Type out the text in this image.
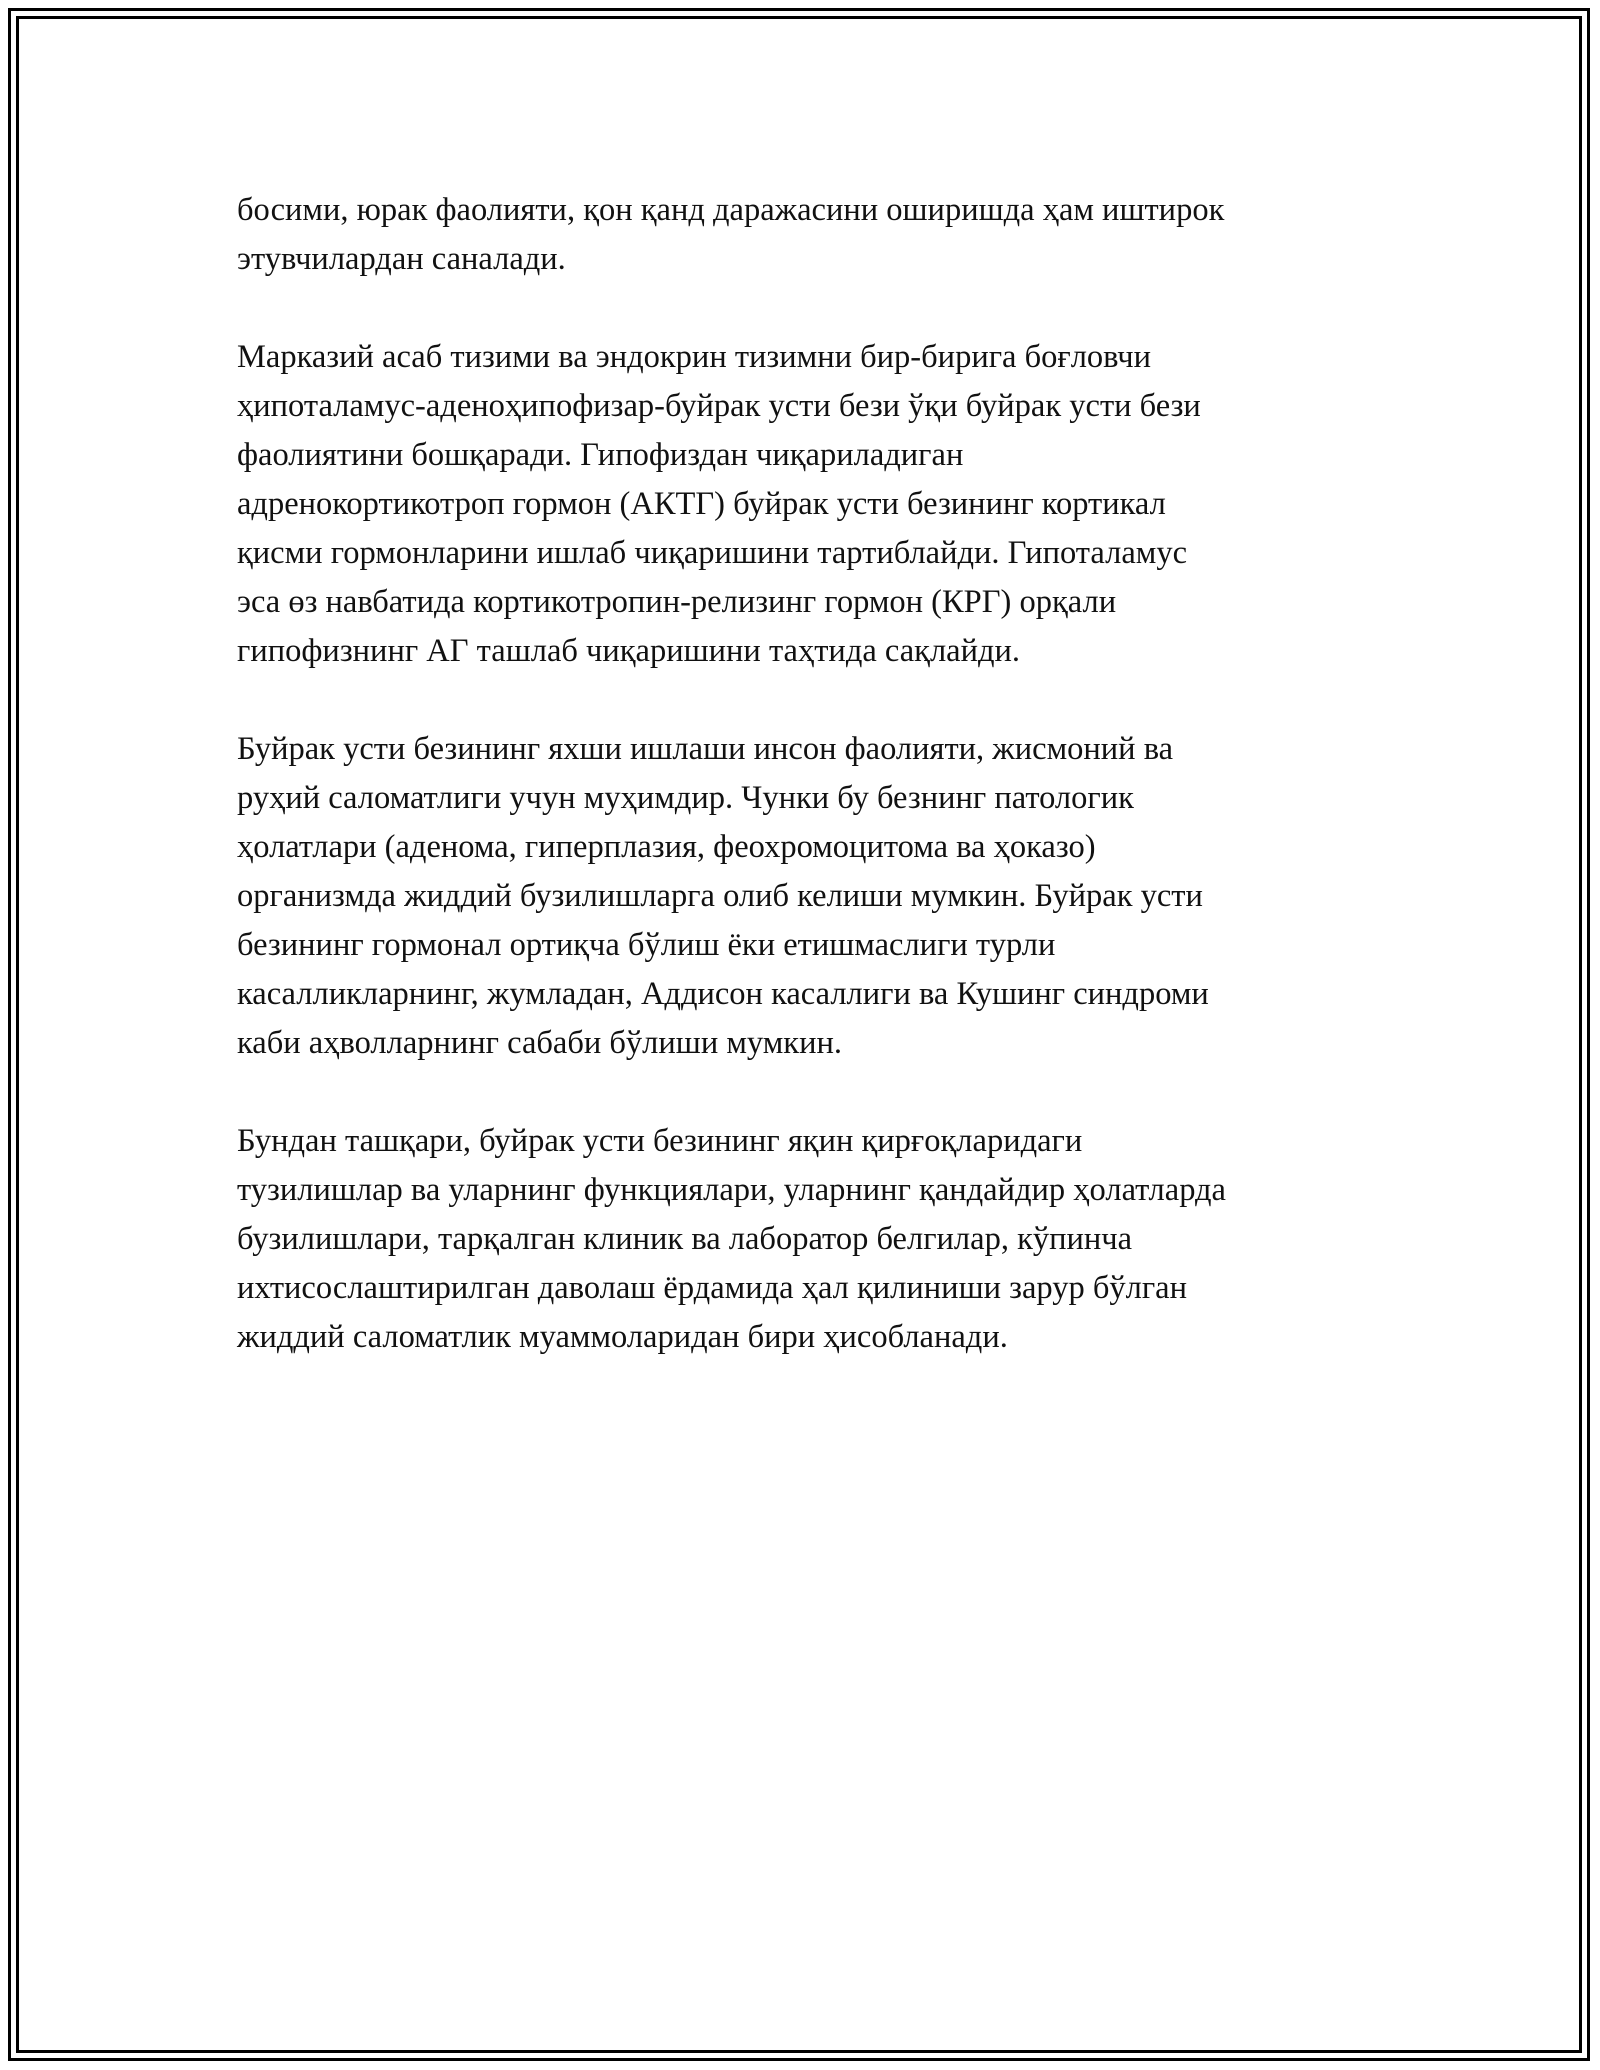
босими, юрак фаолияти, қон қанд даражасини оширишда ҳам иштирок
этувчилардан саналади.
Марказий асаб тизими ва эндокрин тизимни бир-бирига боғловчи
ҳипоталамус-аденоҳипофизар-буйрак усти бези ўқи буйрак усти бези
фаолиятини бошқаради. Гипофиздан чиқариладиган
адренокортикотроп гормон (АКТГ) буйрак усти безининг кортикал
қисми гормонларини ишлаб чиқаришини тартиблайди. Гипоталамус
эса өз навбатида кортикотропин-релизинг гормон (КРГ) орқали
гипофизнинг АГ ташлаб чиқаришини таҳтида сақлайди.
Буйрак усти безининг яхши ишлаши инсон фаолияти, жисмоний ва
руҳий саломатлиги учун муҳимдир. Чунки бу безнинг патологик
ҳолатлари (аденома, гиперплазия, феохромоцитома ва ҳоказо)
организмда жиддий бузилишларга олиб келиши мумкин. Буйрак усти
безининг гормонал ортиқча бўлиш ёки етишмаслиги турли
касалликларнинг, жумладан, Аддисон касаллиги ва Кушинг синдроми
каби аҳволларнинг сабаби бўлиши мумкин.
Бундан ташқари, буйрак усти безининг яқин қирғоқларидаги
тузилишлар ва уларнинг функциялари, уларнинг қандайдир ҳолатларда
бузилишлари, тарқалган клиник ва лаборатор белгилар, кўпинча
ихтисослаштирилган даволаш ёрдамида ҳал қилиниши зарур бўлган
жиддий саломатлик муаммоларидан бири ҳисобланади.
